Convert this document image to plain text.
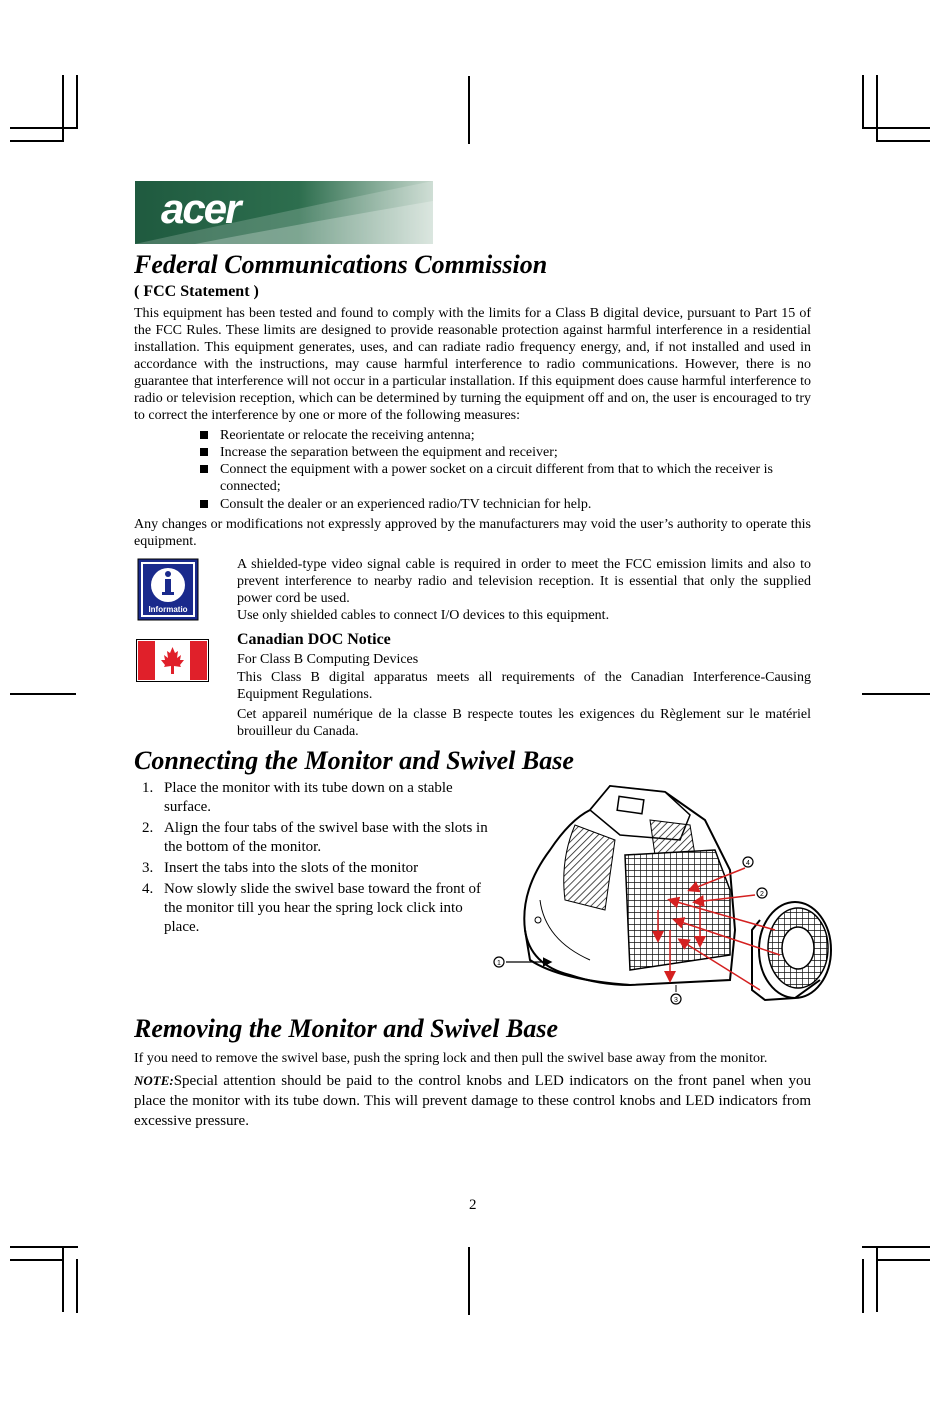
acer
Federal Communications Commission
( FCC Statement )
This equipment has been tested and found to comply with the limits for a Class B digital device, pursuant to Part 15 of the FCC Rules. These limits are designed to provide reasonable protection against harmful interference in a residential installation. This equipment generates, uses, and can radiate radio frequency energy, and, if not installed and used in accordance with the instructions, may cause harmful interference to radio communications. However, there is no guarantee that interference will not occur in a particular installation. If this equipment does cause harmful interference to radio or television reception, which can be determined by turning the equipment off and on, the user is encouraged to try to correct the interference by one or more of the following measures:
Reorientate or relocate the receiving antenna;
Increase the separation between the equipment and receiver;
Connect the equipment with a power socket on a circuit different from that to which the receiver is connected;
Consult the dealer or an experienced radio/TV technician for help.
Any changes or modifications not expressly approved by the manufacturers may void the user’s authority to operate this equipment.
Informatio
A shielded-type video signal cable is required in order to meet the FCC emission limits and also to prevent interference to nearby radio and television reception. It is essential that only the supplied power cord be used.
Use only shielded cables to connect I/O devices to this equipment.
Canadian DOC Notice
For Class B Computing Devices
This Class B digital apparatus meets all requirements of the Canadian Interference-Causing Equipment Regulations.
Cet appareil numérique de la classe B respecte toutes les exigences du Règlement sur le matériel brouilleur du Canada.
Connecting the Monitor and Swivel Base
1. Place the monitor with its tube down on a stable surface.
2. Align the four tabs of the swivel base with the slots in the bottom of the monitor.
3. Insert the tabs into the slots of the monitor
4. Now slowly slide the swivel base toward the front of the monitor till you hear the spring lock click into place.
4
2
1
3
Removing the Monitor and Swivel Base
If you need to remove the swivel base, push the spring lock and then pull the swivel base away from the monitor.
NOTE:Special attention should be paid to the control knobs and LED indicators on the front panel when you place the monitor with its tube down. This will prevent damage to these control knobs and LED indicators from excessive pressure.
2
